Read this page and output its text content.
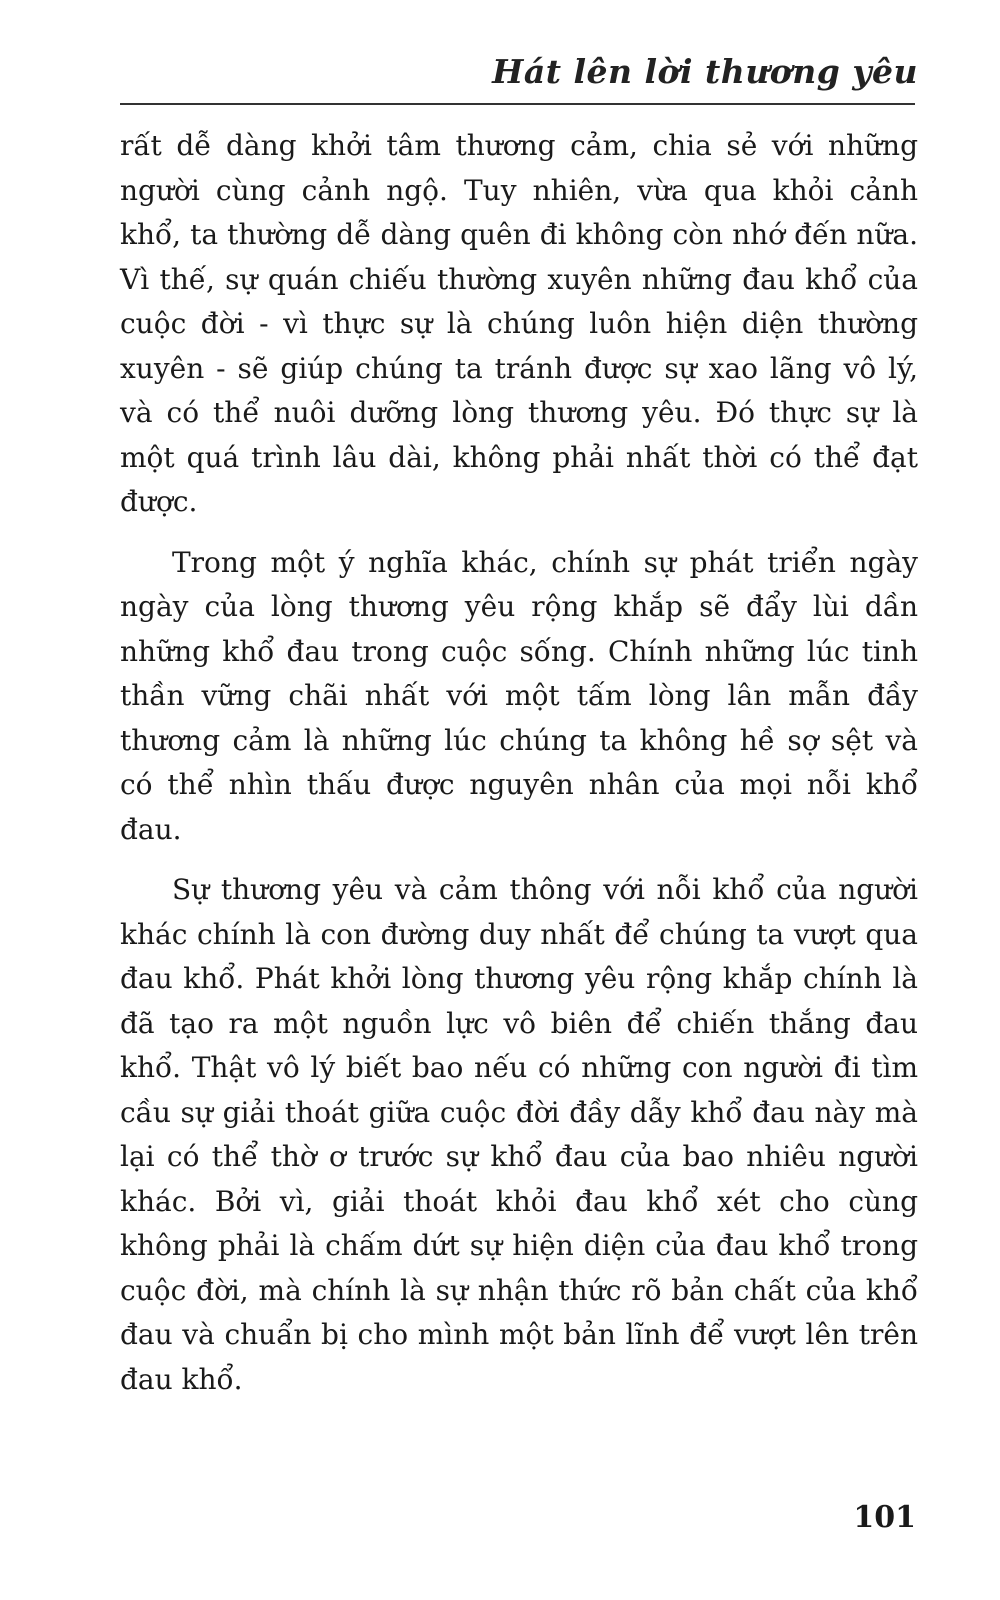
Hát lên lời thương yêu

rất dễ dàng khởi tâm thương cảm, chia sẻ với những người cùng cảnh ngộ. Tuy nhiên, vừa qua khỏi cảnh khổ, ta thường dễ dàng quên đi không còn nhớ đến nữa. Vì thế, sự quán chiếu thường xuyên những đau khổ của cuộc đời - vì thực sự là chúng luôn hiện diện thường xuyên - sẽ giúp chúng ta tránh được sự xao lãng vô lý, và có thể nuôi dưỡng lòng thương yêu. Đó thực sự là một quá trình lâu dài, không phải nhất thời có thể đạt được.

Trong một ý nghĩa khác, chính sự phát triển ngày ngày của lòng thương yêu rộng khắp sẽ đẩy lùi dần những khổ đau trong cuộc sống. Chính những lúc tinh thần vững chãi nhất với một tấm lòng lân mẫn đầy thương cảm là những lúc chúng ta không hề sợ sệt và có thể nhìn thấu được nguyên nhân của mọi nỗi khổ đau.

Sự thương yêu và cảm thông với nỗi khổ của người khác chính là con đường duy nhất để chúng ta vượt qua đau khổ. Phát khởi lòng thương yêu rộng khắp chính là đã tạo ra một nguồn lực vô biên để chiến thắng đau khổ. Thật vô lý biết bao nếu có những con người đi tìm cầu sự giải thoát giữa cuộc đời đầy dẫy khổ đau này mà lại có thể thờ ơ trước sự khổ đau của bao nhiêu người khác. Bởi vì, giải thoát khỏi đau khổ xét cho cùng không phải là chấm dứt sự hiện diện của đau khổ trong cuộc đời, mà chính là sự nhận thức rõ bản chất của khổ đau và chuẩn bị cho mình một bản lĩnh để vượt lên trên đau khổ.

101
